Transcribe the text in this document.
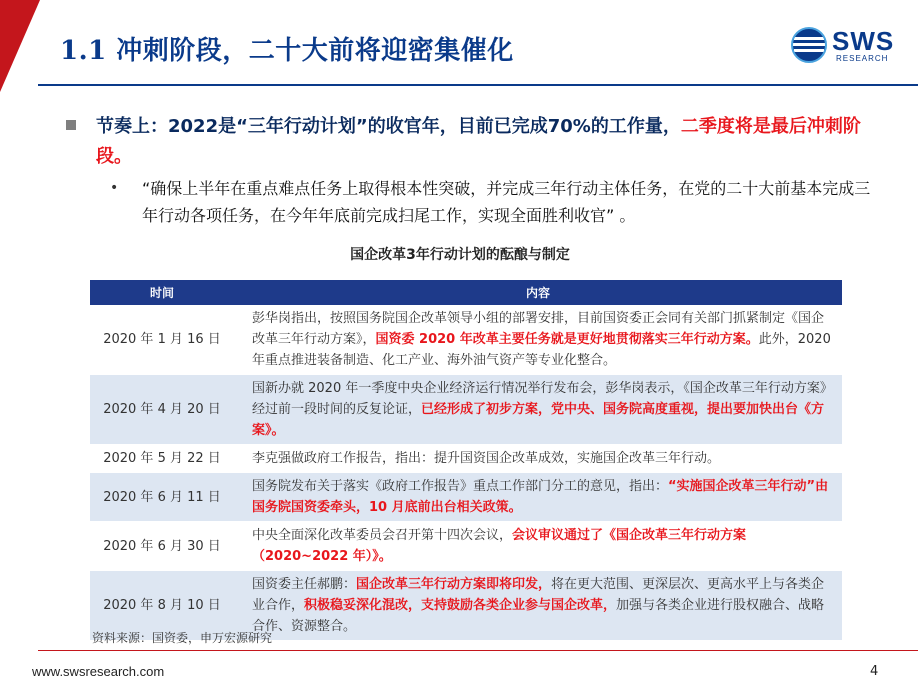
1.1 冲刺阶段，二十大前将迎密集催化	SWS
RESEARCH
节奏上：2022是“三年行动计划”的收官年，目前已完成70%的工作量，二季度将是最后冲刺阶段。
• “确保上半年在重点难点任务上取得根本性突破，并完成三年行动主体任务，在党的二十大前基本完成三年行动各项任务，在今年年底前完成扫尾工作，实现全面胜利收官” 。
国企改革3年行动计划的酝酿与制定
时间	内容
2020 年 1 月 16 日	彭华岗指出，按照国务院国企改革领导小组的部署安排，目前国资委正会同有关部门抓紧制定《国企改革三年行动方案》，国资委 2020 年改革主要任务就是更好地贯彻落实三年行动方案。此外，2020 年重点推进装备制造、化工产业、海外油气资产等专业化整合。
2020 年 4 月 20 日	国新办就 2020 年一季度中央企业经济运行情况举行发布会，彭华岗表示，《国企改革三年行动方案》经过前一段时间的反复论证，已经形成了初步方案，党中央、国务院高度重视，提出要加快出台《方案》。
2020 年 5 月 22 日	李克强做政府工作报告，指出：提升国资国企改革成效，实施国企改革三年行动。
2020 年 6 月 11 日	国务院发布关于落实《政府工作报告》重点工作部门分工的意见，指出：“实施国企改革三年行动”由国务院国资委牵头，10 月底前出台相关政策。
2020 年 6 月 30 日	中央全面深化改革委员会召开第十四次会议，会议审议通过了《国企改革三年行动方案（2020~2022 年）》。
2020 年 8 月 10 日	国资委主任郝鹏：国企改革三年行动方案即将印发，将在更大范围、更深层次、更高水平上与各类企业合作，积极稳妥深化混改，支持鼓励各类企业参与国企改革，加强与各类企业进行股权融合、战略合作、资源整合。
资料来源：国资委，申万宏源研究
www.swsresearch.com	4
